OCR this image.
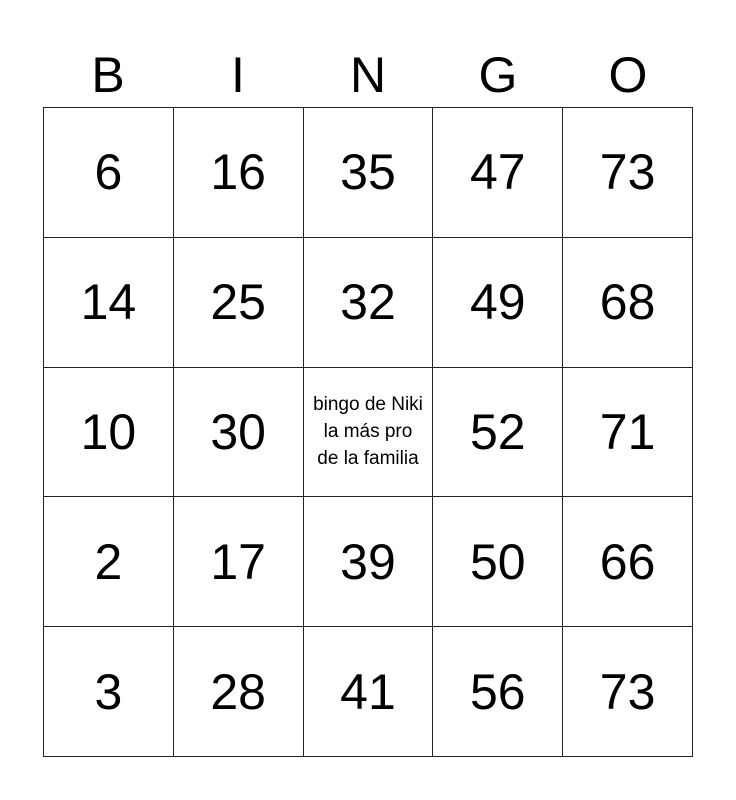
B	I	N	G	O
6	16	35	47	73
14	25	32	49	68
10	30	bingo de Niki la más pro de la familia	52	71
2	17	39	50	66
3	28	41	56	73
